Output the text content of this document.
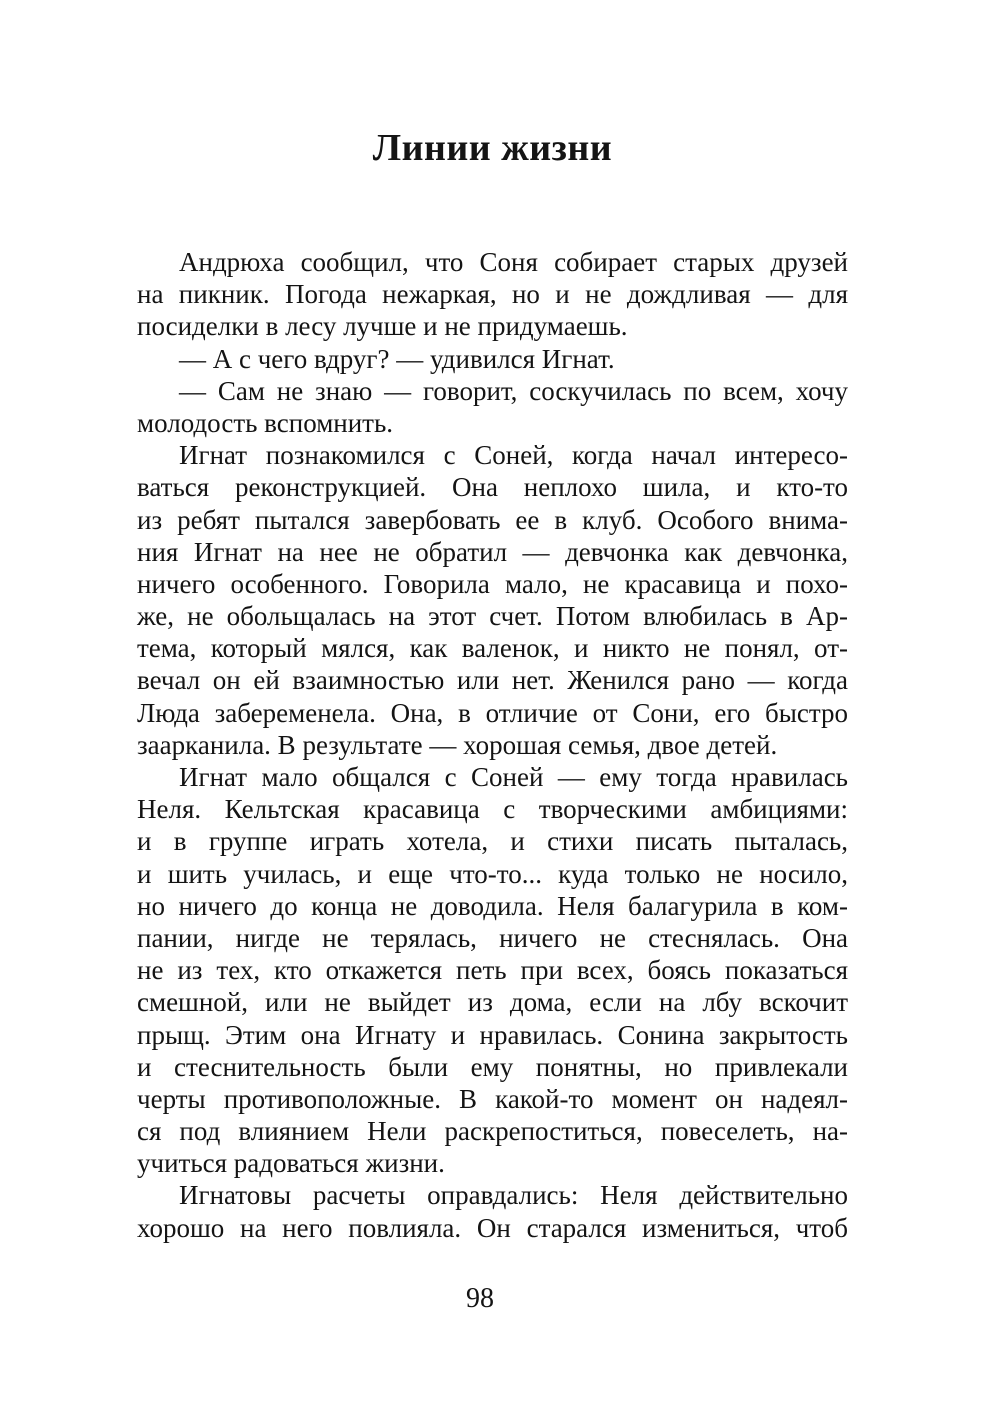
Линии жизни
Андрюха сообщил, что Соня собирает старых друзей
на пикник. Погода нежаркая, но и не дождливая — для
посиделки в лесу лучше и не придумаешь.
— А с чего вдруг? — удивился Игнат.
— Сам не знаю — говорит, соскучилась по всем, хочу
молодость вспомнить.
Игнат познакомился с Соней, когда начал интересо-
ваться реконструкцией. Она неплохо шила, и кто-то
из ребят пытался завербовать ее в клуб. Особого внима-
ния Игнат на нее не обратил — девчонка как девчонка,
ничего особенного. Говорила мало, не красавица и похо-
же, не обольщалась на этот счет. Потом влюбилась в Ар-
тема, который мялся, как валенок, и никто не понял, от-
вечал он ей взаимностью или нет. Женился рано — когда
Люда забеременела. Она, в отличие от Сони, его быстро
заарканила. В результате — хорошая семья, двое детей.
Игнат мало общался с Соней — ему тогда нравилась
Неля. Кельтская красавица с творческими амбициями:
и в группе играть хотела, и стихи писать пыталась,
и шить училась, и еще что-то... куда только не носило,
но ничего до конца не доводила. Неля балагурила в ком-
пании, нигде не терялась, ничего не стеснялась. Она
не из тех, кто откажется петь при всех, боясь показаться
смешной, или не выйдет из дома, если на лбу вскочит
прыщ. Этим она Игнату и нравилась. Сонина закрытость
и стеснительность были ему понятны, но привлекали
черты противоположные. В какой-то момент он надеял-
ся под влиянием Нели раскрепоститься, повеселеть, на-
учиться радоваться жизни.
Игнатовы расчеты оправдались: Неля действительно
хорошо на него повлияла. Он старался измениться, чтоб
98
